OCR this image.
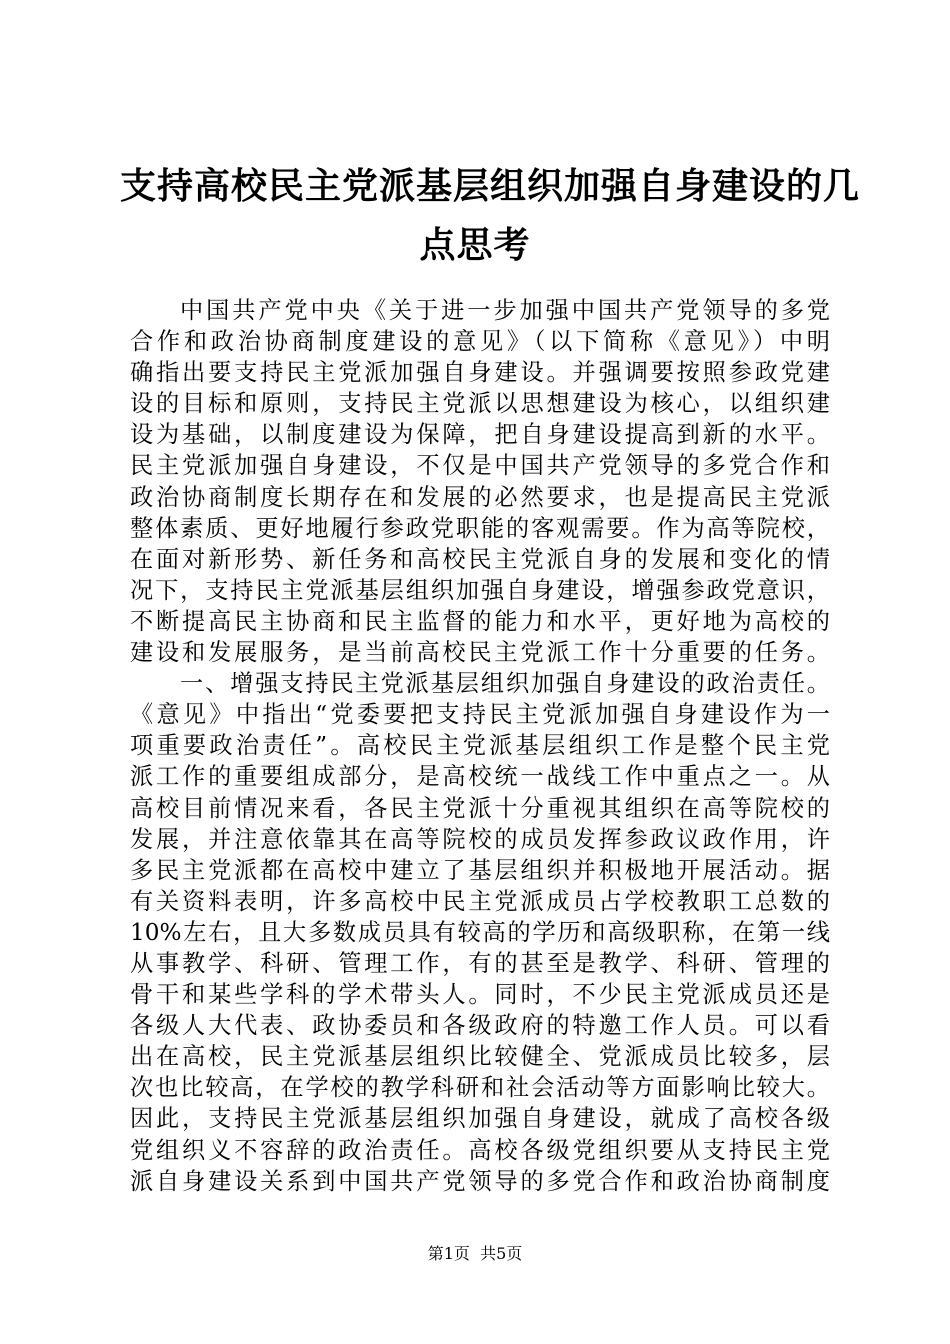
支持高校民主党派基层组织加强自身建设的几
点思考
中国共产党中央《关于进一步加强中国共产党领导的多党
合作和政治协商制度建设的意见》（以下简称《意见》）中明
确指出要支持民主党派加强自身建设。并强调要按照参政党建
设的目标和原则，支持民主党派以思想建设为核心，以组织建
设为基础，以制度建设为保障，把自身建设提高到新的水平。
民主党派加强自身建设，不仅是中国共产党领导的多党合作和
政治协商制度长期存在和发展的必然要求，也是提高民主党派
整体素质、更好地履行参政党职能的客观需要。作为高等院校，
在面对新形势、新任务和高校民主党派自身的发展和变化的情
况下，支持民主党派基层组织加强自身建设，增强参政党意识，
不断提高民主协商和民主监督的能力和水平，更好地为高校的
建设和发展服务，是当前高校民主党派工作十分重要的任务。
一、增强支持民主党派基层组织加强自身建设的政治责任。
《意见》中指出“党委要把支持民主党派加强自身建设作为一
项重要政治责任”。高校民主党派基层组织工作是整个民主党
派工作的重要组成部分，是高校统一战线工作中重点之一。从
高校目前情况来看，各民主党派十分重视其组织在高等院校的
发展，并注意依靠其在高等院校的成员发挥参政议政作用，许
多民主党派都在高校中建立了基层组织并积极地开展活动。据
有关资料表明，许多高校中民主党派成员占学校教职工总数的
10%左右，且大多数成员具有较高的学历和高级职称，在第一线
从事教学、科研、管理工作，有的甚至是教学、科研、管理的
骨干和某些学科的学术带头人。同时，不少民主党派成员还是
各级人大代表、政协委员和各级政府的特邀工作人员。可以看
出在高校，民主党派基层组织比较健全、党派成员比较多，层
次也比较高，在学校的教学科研和社会活动等方面影响比较大。
因此，支持民主党派基层组织加强自身建设，就成了高校各级
党组织义不容辞的政治责任。高校各级党组织要从支持民主党
派自身建设关系到中国共产党领导的多党合作和政治协商制度
第1页  共5页
